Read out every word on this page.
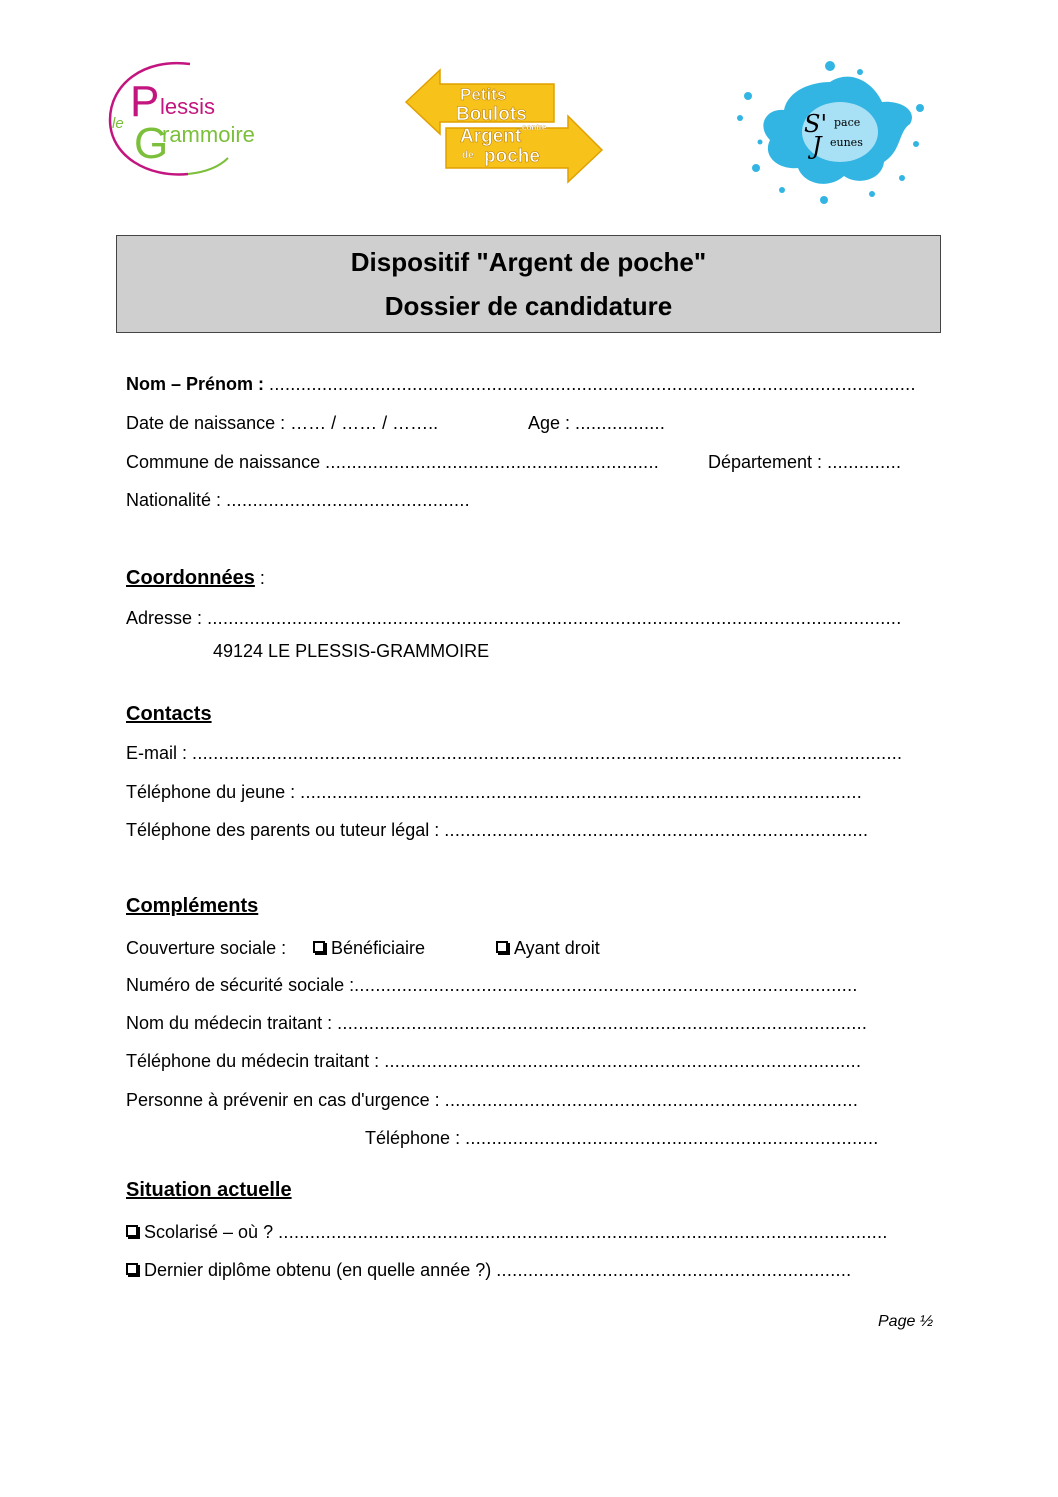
le P lessis
G
rammoire
Petits
Boulots
contre
Argent
de poche
S' pace
J eunes
Dispositif "Argent de poche"
Dossier de candidature
Nom – Prénom : ..........................................................................................................................
Date de naissance : …… / …… / ……..	Age : .................
Commune de naissance ...............................................................	Département : ..............
Nationalité : ..............................................
Coordonnées :
Adresse : ...................................................................................................................................
49124 LE PLESSIS-GRAMMOIRE
Contacts
E-mail : ......................................................................................................................................
Téléphone du jeune : ..........................................................................................................
Téléphone des parents ou tuteur légal : ................................................................................
Compléments
Couverture sociale :	Bénéficiaire	Ayant droit
Numéro de sécurité sociale :...............................................................................................
Nom du médecin traitant : ....................................................................................................
Téléphone du médecin traitant : ..........................................................................................
Personne à prévenir en cas d'urgence : ..............................................................................
Téléphone : ..............................................................................
Situation actuelle
Scolarisé – où ? ...................................................................................................................
Dernier diplôme obtenu (en quelle année ?) ...................................................................
Page ½
